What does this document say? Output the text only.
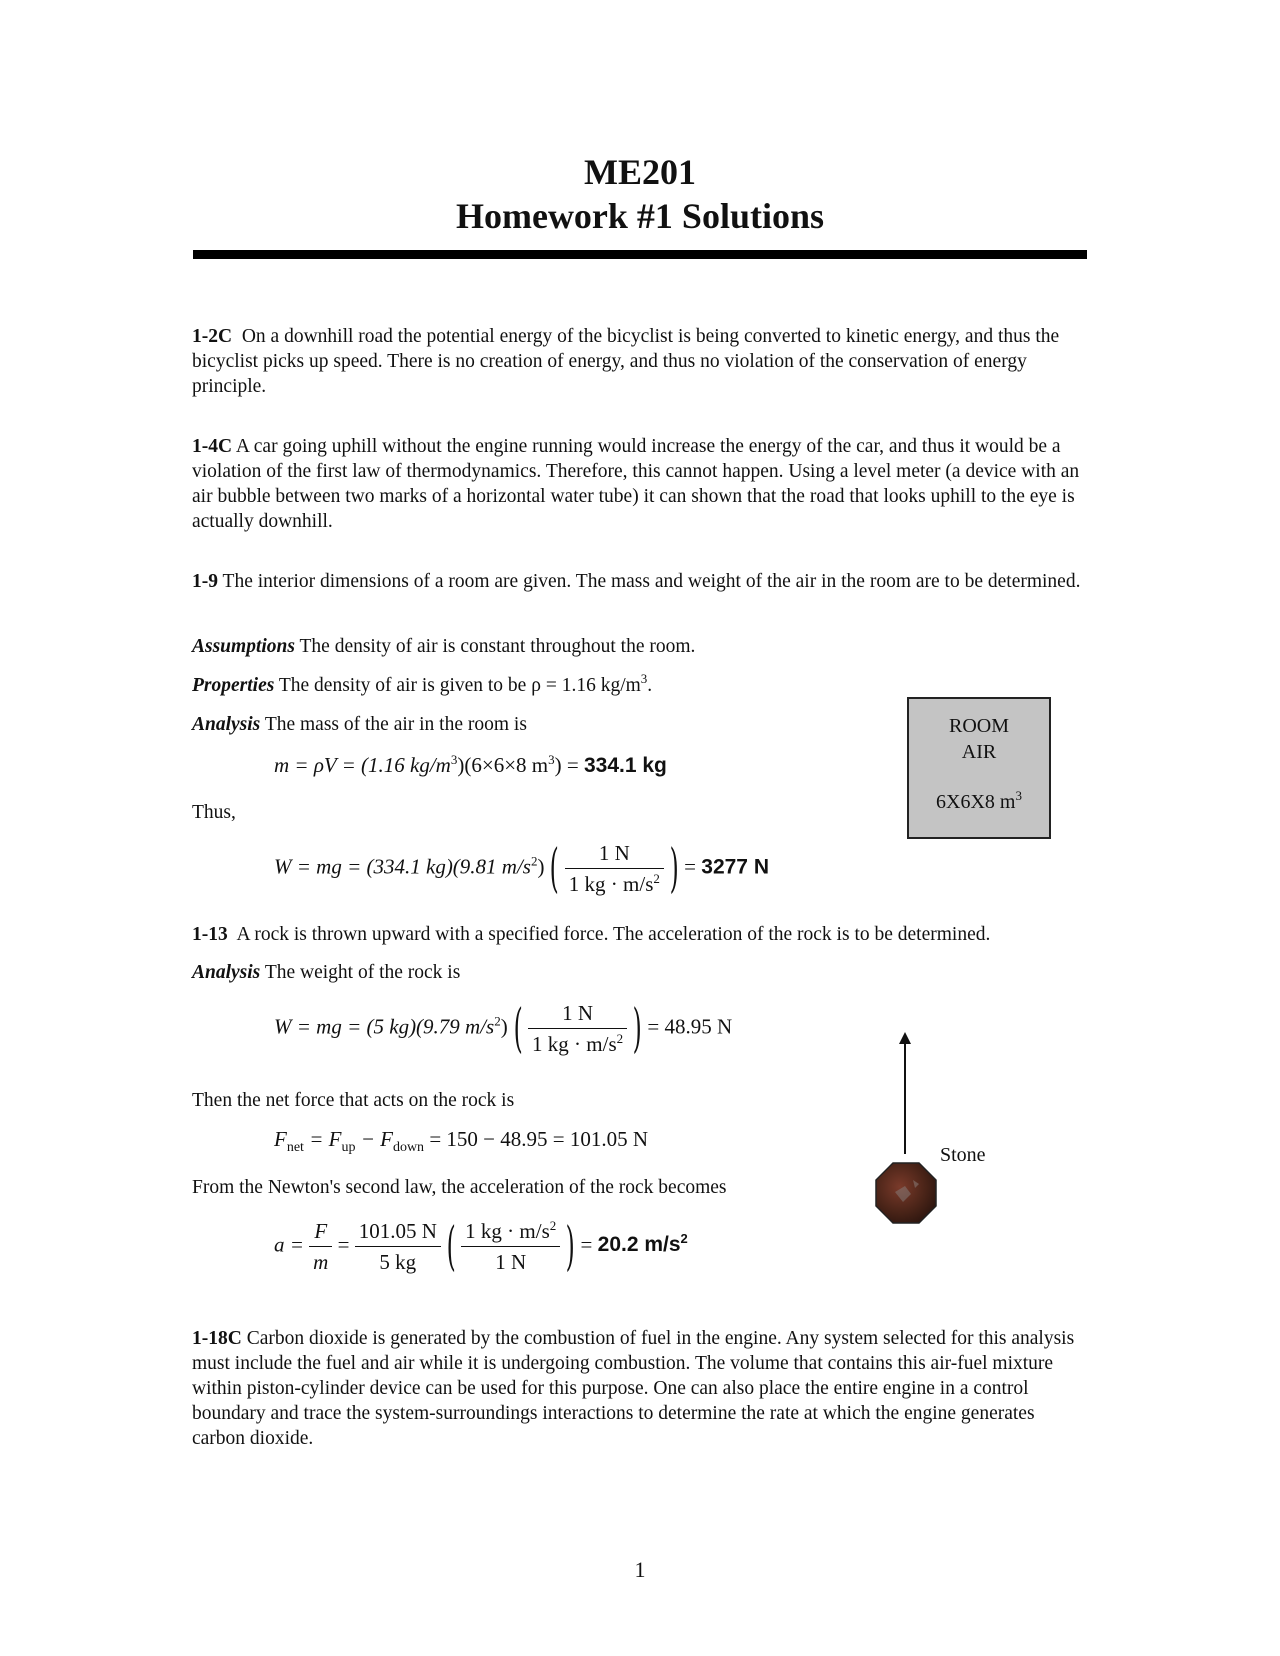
ME201
Homework #1 Solutions
1-2C On a downhill road the potential energy of the bicyclist is being converted to kinetic energy, and thus the bicyclist picks up speed. There is no creation of energy, and thus no violation of the conservation of energy principle.
1-4C A car going uphill without the engine running would increase the energy of the car, and thus it would be a violation of the first law of thermodynamics. Therefore, this cannot happen. Using a level meter (a device with an air bubble between two marks of a horizontal water tube) it can shown that the road that looks uphill to the eye is actually downhill.
1-9 The interior dimensions of a room are given. The mass and weight of the air in the room are to be determined.
Assumptions The density of air is constant throughout the room.
Properties The density of air is given to be ρ = 1.16 $kg/m^3$.
Analysis The mass of the air in the room is
m = ρV = (1.16 $kg/m^3)(6\times 6\times 8$ $m^3) = 334.1$ kg
Thus,
W = mg = (334.1 kg)(9.81 $m/s^2$) ( $\frac{1 N}{1 kg \cdot m/s^2}$ ) = 3277 N
ROOM
AIR
6X6X8 $m^3$
1-13 A rock is thrown upward with a specified force. The acceleration of the rock is to be determined.
Analysis The weight of the rock is
W = mg = (5 kg)(9.79 $m/s^2$) ( $\frac{1 N}{1 kg \cdot m/s^2}$ ) = 48.95 N
Then the net force that acts on the rock is
$F_{net} = F_{up} - F_{down} = 150 - 48.95 = 101.05$ N
From the Newton's second law, the acceleration of the rock becomes
$a = \frac{F}{m} = \frac{101.05 N}{5 kg}$ ( $\frac{1 kg \cdot m/s^2}{1 N}$ ) = 20.2 $m/s^2$
Stone
1-18C Carbon dioxide is generated by the combustion of fuel in the engine. Any system selected for this analysis must include the fuel and air while it is undergoing combustion. The volume that contains this air-fuel mixture within piston-cylinder device can be used for this purpose. One can also place the entire engine in a control boundary and trace the system-surroundings interactions to determine the rate at which the engine generates carbon dioxide.
1
